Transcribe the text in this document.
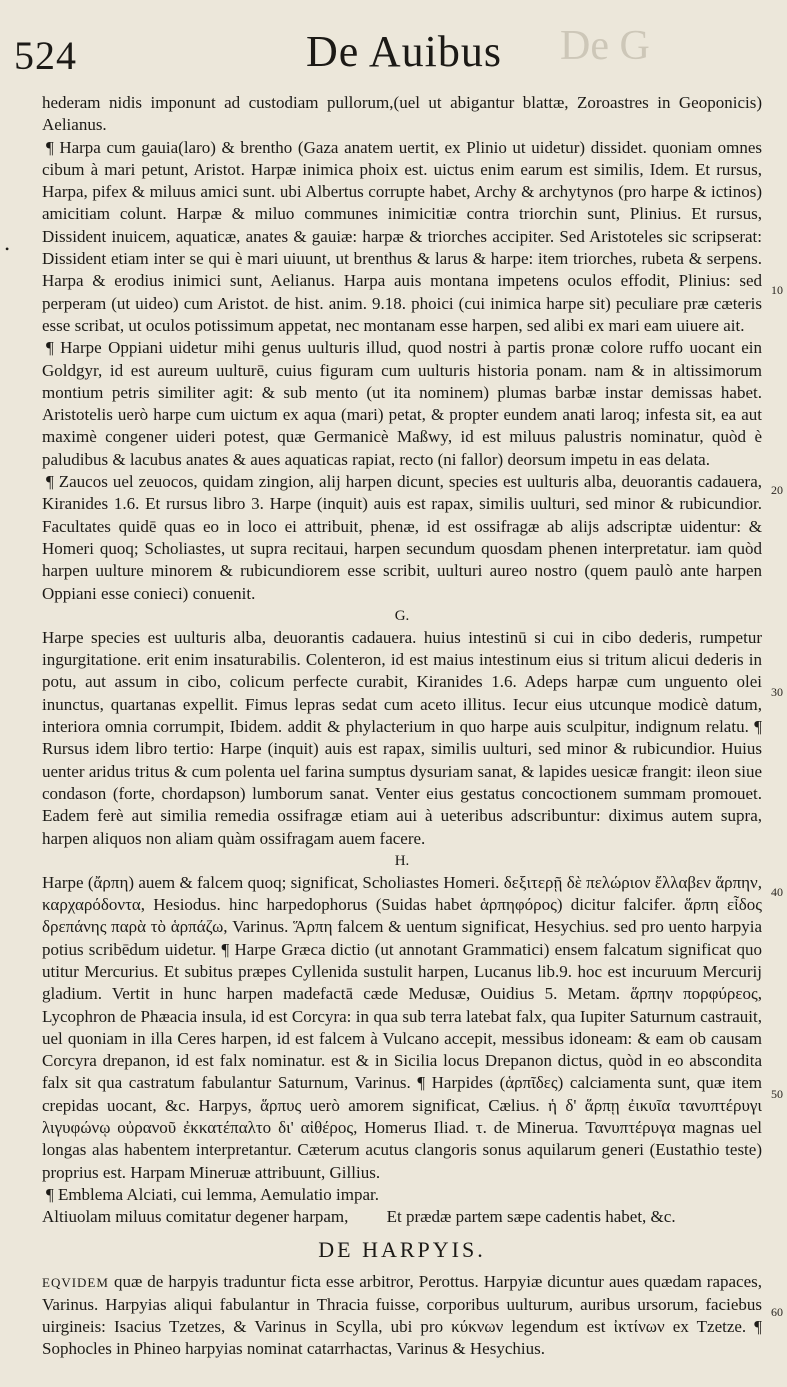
De G
524	De Auibus
•

hederam nidis imponunt ad custodiam pullorum,(uel ut abigantur blattæ, Zoroastres in Geoponicis) Aelianus.

¶ Harpa cum gauia(laro) & brentho (Gaza anatem uertit, ex Plinio ut uidetur) dissidet. quoniam omnes cibum à mari petunt, Aristot. Harpæ inimica phoix est. uictus enim earum est similis, Idem. Et rursus, Harpa, pifex & miluus amici sunt. ubi Albertus corrupte habet, Archy & archytynos (pro harpe & ictinos) amicitiam colunt. Harpæ & miluo communes inimicitiæ contra triorchin sunt, Plinius. Et rursus, Dissident inuicem, aquaticæ, anates & gauiæ: harpæ & triorches accipiter. Sed Aristoteles sic scripserat: Dissident etiam inter se qui è mari uiuunt, ut brenthus & larus & harpe: item triorches, rubeta & serpens. Harpa & erodius inimici sunt, Aelianus. Harpa auis montana impetens oculos effodit, Plinius: sed perperam (ut uideo) cum Aristot. de hist. anim. 9.18. phoici (cui inimica harpe sit) peculiare præ cæteris esse scribat, ut oculos potissimum appetat, nec montanam esse harpen, sed alibi ex mari eam uiuere ait.

¶ Harpe Oppiani uidetur mihi genus uulturis illud, quod nostri à partis pronæ colore ruffo uocant ein Goldgyr, id est aureum uulturē, cuius figuram cum uulturis historia ponam. nam & in altissimorum montium petris similiter agit: & sub mento (ut ita nominem) plumas barbæ instar demissas habet. Aristotelis uerò harpe cum uictum ex aqua (mari) petat, & propter eundem anati laroq; infesta sit, ea aut maximè congener uideri potest, quæ Germanicè Maßwy, id est miluus palustris nominatur, quòd è paludibus & lacubus anates & aues aquaticas rapiat, recto (ni fallor) deorsum impetu in eas delata.

¶ Zaucos uel zeuocos, quidam zingion, alij harpen dicunt, species est uulturis alba, deuorantis cadauera, Kiranides 1.6. Et rursus libro 3. Harpe (inquit) auis est rapax, similis uulturi, sed minor & rubicundior. Facultates quidē quas eo in loco ei attribuit, phenæ, id est ossifragæ ab alijs adscriptæ uidentur: & Homeri quoq; Scholiastes, ut supra recitaui, harpen secundum quosdam phenen interpretatur. iam quòd harpen uulture minorem & rubicundiorem esse scribit, uulturi aureo nostro (quem paulò ante harpen Oppiani esse conieci) conuenit.

G.

Harpe species est uulturis alba, deuorantis cadauera. huius intestinū si cui in cibo dederis, rumpetur ingurgitatione. erit enim insaturabilis. Colenteron, id est maius intestinum eius si tritum alicui dederis in potu, aut assum in cibo, colicum perfecte curabit, Kiranides 1.6. Adeps harpæ cum unguento olei inunctus, quartanas expellit. Fimus lepras sedat cum aceto illitus. Iecur eius utcunque modicè datum, interiora omnia corrumpit, Ibidem. addit & phylacterium in quo harpe auis sculpitur, indignum relatu. ¶ Rursus idem libro tertio: Harpe (inquit) auis est rapax, similis uulturi, sed minor & rubicundior. Huius uenter aridus tritus & cum polenta uel farina sumptus dysuriam sanat, & lapides uesicæ frangit: ileon siue condason (forte, chordapson) lumborum sanat. Venter eius gestatus concoctionem summam promouet. Eadem ferè aut similia remedia ossifragæ etiam aui à ueteribus adscribuntur: diximus autem supra, harpen aliquos non aliam quàm ossifragam auem facere.

H.

Harpe (ἄρπη) auem & falcem quoq; significat, Scholiastes Homeri. δεξιτερῇ δὲ πελώριον ἔλλαβεν ἅρπην, καρχαρόδοντα, Hesiodus. hinc harpedophorus (Suidas habet ἁρπηφόρος) dicitur falcifer. ἅρπη εἶδος δρεπάνης παρὰ τὸ ἁρπάζω, Varinus. Ἅρπη falcem & uentum significat, Hesychius. sed pro uento harpyia potius scribēdum uidetur. ¶ Harpe Græca dictio (ut annotant Grammatici) ensem falcatum significat quo utitur Mercurius. Et subitus præpes Cyllenida sustulit harpen, Lucanus lib.9. hoc est incuruum Mercurij gladium. Vertit in hunc harpen madefactā cæde Medusæ, Ouidius 5. Metam. ἅρπην πορφύρεος, Lycophron de Phæacia insula, id est Corcyra: in qua sub terra latebat falx, qua Iupiter Saturnum castrauit, uel quoniam in illa Ceres harpen, id est falcem à Vulcano accepit, messibus idoneam: & eam ob causam Corcyra drepanon, id est falx nominatur. est & in Sicilia locus Drepanon dictus, quòd in eo abscondita falx sit qua castratum fabulantur Saturnum, Varinus. ¶ Harpides (ἁρπῖδες) calciamenta sunt, quæ item crepidas uocant, &c. Harpys, ἅρπυς uerò amorem significat, Cælius. ἡ δ' ἅρπῃ ἐικυῖα τανυπτέρυγι λιγυφώνῳ οὐρανοῦ ἐκκατέπαλτο δι' αἰθέρος, Homerus Iliad. τ. de Minerua. Τανυπτέρυγα magnas uel longas alas habentem interpretantur. Cæterum acutus clangoris sonus aquilarum generi (Eustathio teste) proprius est. Harpam Mineruæ attribuunt, Gillius.

¶ Emblema Alciati, cui lemma, Aemulatio impar.

Altiuolam miluus comitatur degener harpam, Et prædæ partem sæpe cadentis habet, &c.

DE HARPYIS.

EQVIDEM quæ de harpyis traduntur ficta esse arbitror, Perottus. Harpyiæ dicuntur aues quædam rapaces, Varinus. Harpyias aliqui fabulantur in Thracia fuisse, corporibus uulturum, auribus ursorum, faciebus uirgineis: Isacius Tzetzes, & Varinus in Scylla, ubi pro κύκνων legendum est ἰκτίνων ex Tzetze. ¶ Sophocles in Phineo harpyias nominat catarrhactas, Varinus & Hesychius.

10
20
30
40
50
60
